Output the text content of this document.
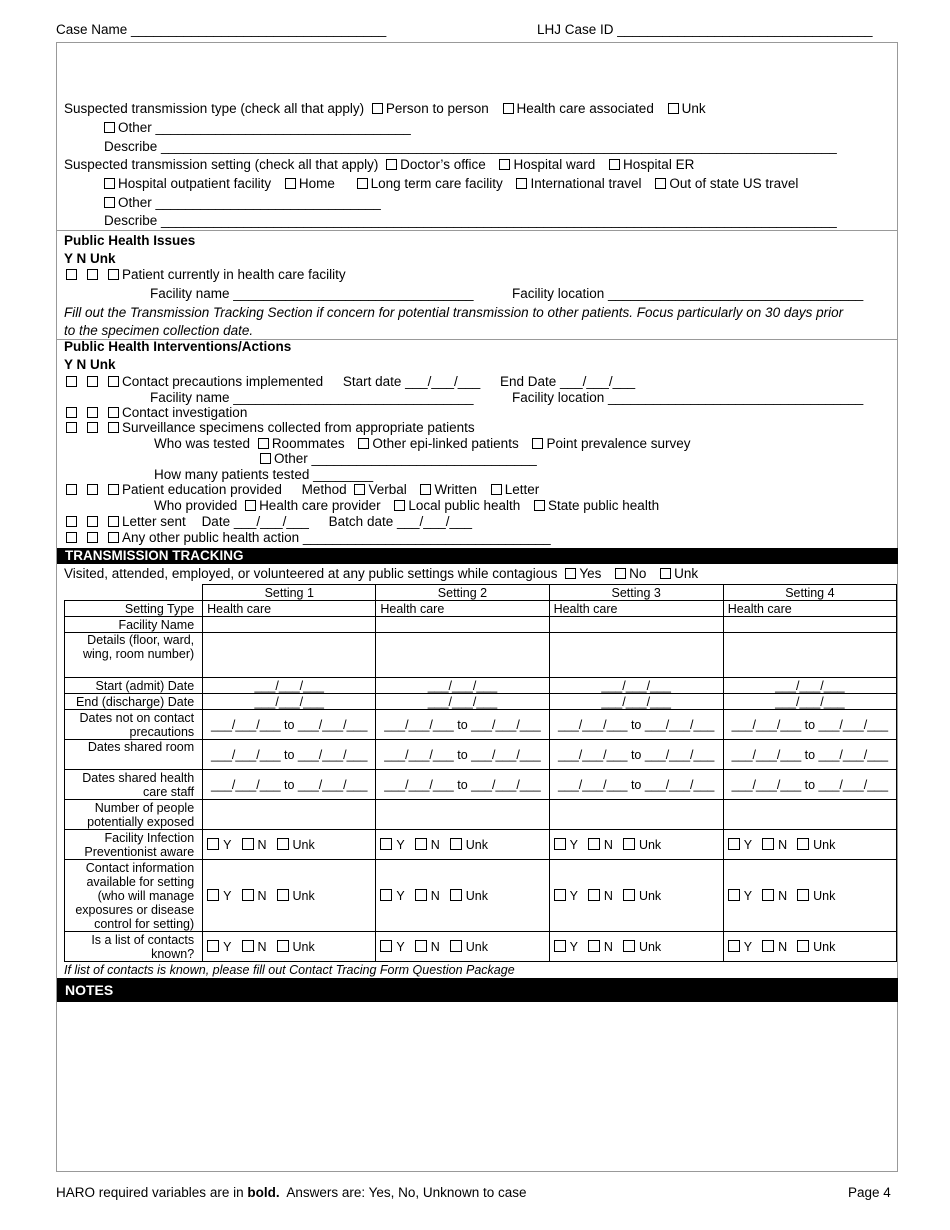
Case Name __________________________________	LHJ Case ID __________________________________
Suspected transmission type (check all that apply) Person to person Health care associated Unk
Other __________________________________
Describe __________________________________________________________________________________________
Suspected transmission setting (check all that apply) Doctor’s office Hospital ward Hospital ER
Hospital outpatient facility Home	Long term care facility International travel Out of state US travel
Other ______________________________
Describe __________________________________________________________________________________________
Public Health Issues
Y N Unk
Patient currently in health care facility
Facility name ________________________________	Facility location __________________________________
Fill out the Transmission Tracking Section if concern for potential transmission to other patients. Focus particularly on 30 days prior
to the specimen collection date.
Public Health Interventions/Actions
Y N Unk
Contact precautions implemented Start date ___/___/___ End Date ___/___/___
Facility name ________________________________	Facility location __________________________________
Contact investigation
Surveillance specimens collected from appropriate patients
Who was tested Roommates Other epi-linked patients Point prevalence survey
Other ______________________________
How many patients tested ________
Patient education provided Method Verbal Written Letter
Who provided Health care provider Local public health State public health
Letter sent Date ___/___/___ Batch date ___/___/___
Any other public health action _________________________________
TRANSMISSION TRACKING
Visited, attended, employed, or volunteered at any public settings while contagious Yes No Unk
	Setting 1	Setting 2	Setting 3	Setting 4
Setting Type	Health care	Health care	Health care	Health care
Facility Name				
Details (floor, ward, wing, room number)				
Start (admit) Date	___/___/___	___/___/___	___/___/___	___/___/___
End (discharge) Date	___/___/___	___/___/___	___/___/___	___/___/___
Dates not on contact precautions	___/___/___ to ___/___/___	___/___/___ to ___/___/___	___/___/___ to ___/___/___	___/___/___ to ___/___/___
Dates shared room	___/___/___ to ___/___/___	___/___/___ to ___/___/___	___/___/___ to ___/___/___	___/___/___ to ___/___/___
Dates shared health care staff	___/___/___ to ___/___/___	___/___/___ to ___/___/___	___/___/___ to ___/___/___	___/___/___ to ___/___/___
Number of people potentially exposed				
Facility Infection Preventionist aware	Y N Unk	Y N Unk	Y N Unk	Y N Unk
Contact information available for setting (who will manage exposures or disease control for setting)	Y N Unk	Y N Unk	Y N Unk	Y N Unk
Is a list of contacts known?	Y N Unk	Y N Unk	Y N Unk	Y N Unk
If list of contacts is known, please fill out Contact Tracing Form Question Package
NOTES
HARO required variables are in bold.  Answers are: Yes, No, Unknown to case	Page 4
